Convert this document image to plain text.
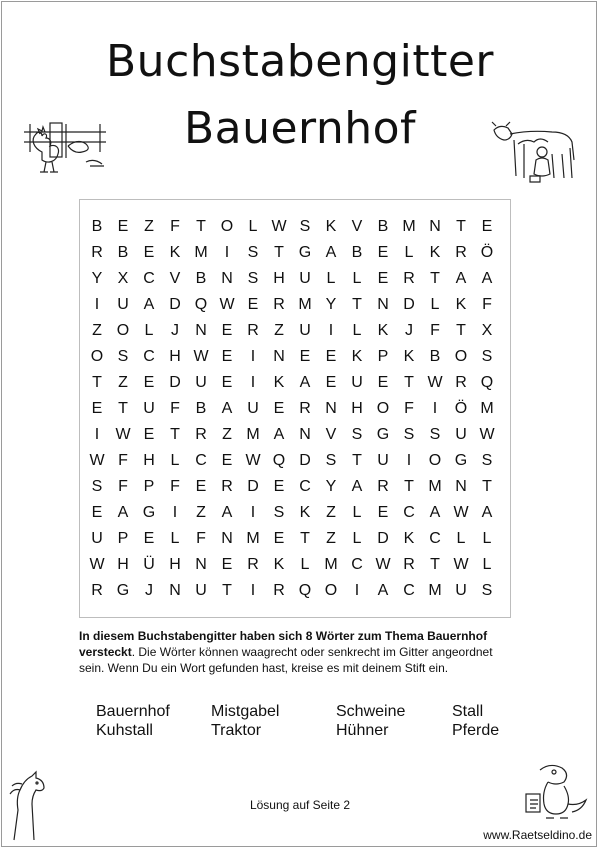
Buchstabengitter
Bauernhof
B E Z	F	T O L W S K V B M N T E
R B E K M	I	S T G A B E	L	K R Ö
Y X C V B N S H U L	L	E R T A A
I	U A D Q W E R M Y T N D L	K F
Z O L	J	N E R Z U	I	L	K	J	F	T X
O S C H W E	I	N E E K P K B O S
T	Z E D U E	I	K A E U E T W R Q
E T U F B A U E R N H O F	I	Ö M
I	W E T R Z M A N V S G S S U W
W F H L C E W Q D S T U	I	O G S
S F P F E R D E C Y A R T M N T
E A G	I	Z A	I	S K Z	L	E C A W A
U P E	L	F N M E T	Z	L D K C L	L
W H Ü H N E R K	L M C W R T W L
R G J	N U T	I	R Q O	I	A C M U S
In diesem Buchstabengitter haben sich 8 Wörter zum Thema Bauernhof versteckt. Die Wörter können waagrecht oder senkrecht im Gitter angeordnet sein. Wenn Du ein Wort gefunden hast, kreise es mit deinem Stift ein.
Bauernhof
Kuhstall
Mistgabel
Traktor
Schweine
Hühner
Stall
Pferde
Lösung auf Seite 2
www.Raetseldino.de
